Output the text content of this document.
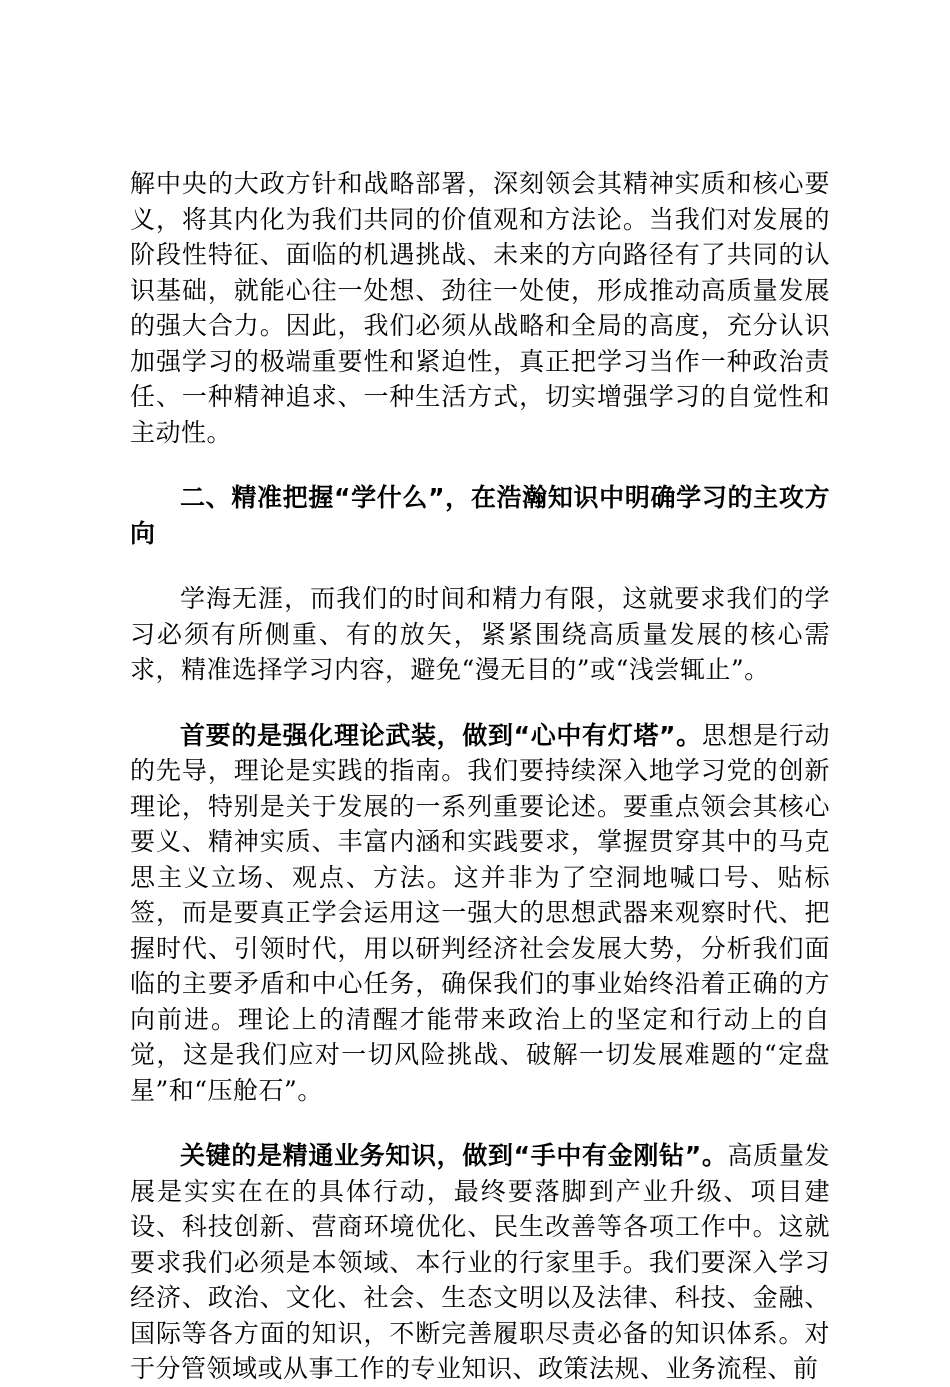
解中央的大政方针和战略部署，深刻领会其精神实质和核心要义，将其内化为我们共同的价值观和方法论。当我们对发展的阶段性特征、面临的机遇挑战、未来的方向路径有了共同的认识基础，就能心往一处想、劲往一处使，形成推动高质量发展的强大合力。因此，我们必须从战略和全局的高度，充分认识加强学习的极端重要性和紧迫性，真正把学习当作一种政治责任、一种精神追求、一种生活方式，切实增强学习的自觉性和主动性。

二、精准把握“学什么”，在浩瀚知识中明确学习的主攻方向

学海无涯，而我们的时间和精力有限，这就要求我们的学习必须有所侧重、有的放矢，紧紧围绕高质量发展的核心需求，精准选择学习内容，避免“漫无目的”或“浅尝辄止”。

首要的是强化理论武装，做到“心中有灯塔”。思想是行动的先导，理论是实践的指南。我们要持续深入地学习党的创新理论，特别是关于发展的一系列重要论述。要重点领会其核心要义、精神实质、丰富内涵和实践要求，掌握贯穿其中的马克思主义立场、观点、方法。这并非为了空洞地喊口号、贴标签，而是要真正学会运用这一强大的思想武器来观察时代、把握时代、引领时代，用以研判经济社会发展大势，分析我们面临的主要矛盾和中心任务，确保我们的事业始终沿着正确的方向前进。理论上的清醒才能带来政治上的坚定和行动上的自觉，这是我们应对一切风险挑战、破解一切发展难题的“定盘星”和“压舱石”。

关键的是精通业务知识，做到“手中有金刚钻”。高质量发展是实实在在的具体行动，最终要落脚到产业升级、项目建设、科技创新、营商环境优化、民生改善等各项工作中。这就要求我们必须是本领域、本行业的行家里手。我们要深入学习经济、政治、文化、社会、生态文明以及法律、科技、金融、国际等各方面的知识，不断完善履职尽责必备的知识体系。对于分管领域或从事工作的专业知识、政策法规、业务流程、前
